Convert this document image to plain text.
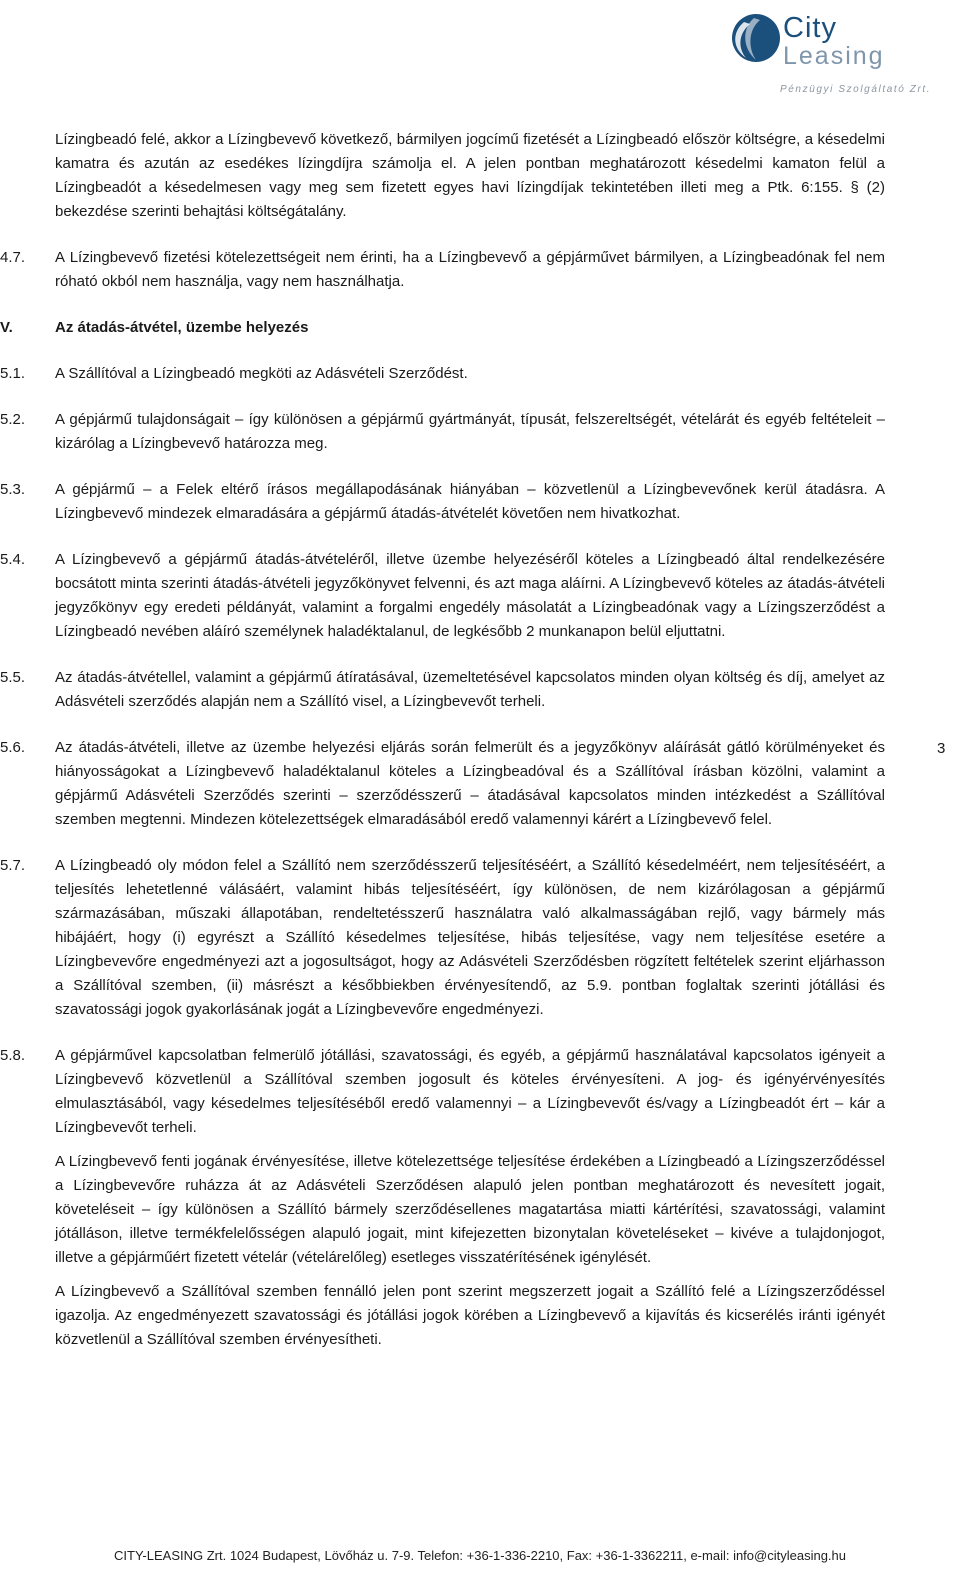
City
Leasing
Pénzügyi Szolgáltató Zrt.

Lízingbeadó felé, akkor a Lízingbevevő következő, bármilyen jogcímű fizetését a Lízingbeadó először költségre, a késedelmi kamatra és azután az esedékes lízingdíjra számolja el. A jelen pontban meghatározott késedelmi kamaton felül a Lízingbeadót a késedelmesen vagy meg sem fizetett egyes havi lízingdíjak tekintetében illeti meg a Ptk. 6:155. § (2) bekezdése szerinti behajtási költségátalány.

4.7. A Lízingbevevő fizetési kötelezettségeit nem érinti, ha a Lízingbevevő a gépjárművet bármilyen, a Lízingbeadónak fel nem róható okból nem használja, vagy nem használhatja.

V.	Az átadás-átvétel, üzembe helyezés
5.1. A Szállítóval a Lízingbeadó megköti az Adásvételi Szerződést.

5.2. A gépjármű tulajdonságait – így különösen a gépjármű gyártmányát, típusát, felszereltségét, vételárát és egyéb feltételeit – kizárólag a Lízingbevevő határozza meg.

5.3. A gépjármű – a Felek eltérő írásos megállapodásának hiányában – közvetlenül a Lízingbevevőnek kerül átadásra. A Lízingbevevő mindezek elmaradására a gépjármű átadás-átvételét követően nem hivatkozhat.

5.4. A Lízingbevevő a gépjármű átadás-átvételéről, illetve üzembe helyezéséről köteles a Lízingbeadó által rendelkezésére bocsátott minta szerinti átadás-átvételi jegyzőkönyvet felvenni, és azt maga aláírni. A Lízingbevevő köteles az átadás-átvételi jegyzőkönyv egy eredeti példányát, valamint a forgalmi engedély másolatát a Lízingbeadónak vagy a Lízingszerződést a Lízingbeadó nevében aláíró személynek haladéktalanul, de legkésőbb 2 munkanapon belül eljuttatni.

5.5. Az átadás-átvétellel, valamint a gépjármű átíratásával, üzemeltetésével kapcsolatos minden olyan költség és díj, amelyet az Adásvételi szerződés alapján nem a Szállító visel, a Lízingbevevőt terheli.

5.6. Az átadás-átvételi, illetve az üzembe helyezési eljárás során felmerült és a jegyzőkönyv aláírását gátló körülményeket és hiányosságokat a Lízingbevevő haladéktalanul köteles a Lízingbeadóval és a Szállítóval írásban közölni, valamint a gépjármű Adásvételi Szerződés szerinti – szerződésszerű – átadásával kapcsolatos minden intézkedést a Szállítóval szemben megtenni. Mindezen kötelezettségek elmaradásából eredő valamennyi kárért a Lízingbevevő felel.

5.7. A Lízingbeadó oly módon felel a Szállító nem szerződésszerű teljesítéséért, a Szállító késedelméért, nem teljesítéséért, a teljesítés lehetetlenné válásáért, valamint hibás teljesítéséért, így különösen, de nem kizárólagosan a gépjármű származásában, műszaki állapotában, rendeltetésszerű használatra való alkalmasságában rejlő, vagy bármely más hibájáért, hogy (i) egyrészt a Szállító késedelmes teljesítése, hibás teljesítése, vagy nem teljesítése esetére a Lízingbevevőre engedményezi azt a jogosultságot, hogy az Adásvételi Szerződésben rögzített feltételek szerint eljárhasson a Szállítóval szemben, (ii) másrészt a későbbiekben érvényesítendő, az 5.9. pontban foglaltak szerinti jótállási és szavatossági jogok gyakorlásának jogát a Lízingbevevőre engedményezi.

5.8. A gépjárművel kapcsolatban felmerülő jótállási, szavatossági, és egyéb, a gépjármű használatával kapcsolatos igényeit a Lízingbevevő közvetlenül a Szállítóval szemben jogosult és köteles érvényesíteni. A jog- és igényérvényesítés elmulasztásából, vagy késedelmes teljesítéséből eredő valamennyi – a Lízingbevevőt és/vagy a Lízingbeadót ért – kár a Lízingbevevőt terheli.

A Lízingbevevő fenti jogának érvényesítése, illetve kötelezettsége teljesítése érdekében a Lízingbeadó a Lízingszerződéssel a Lízingbevevőre ruházza át az Adásvételi Szerződésen alapuló jelen pontban meghatározott és nevesített jogait, követeléseit – így különösen a Szállító bármely szerződésellenes magatartása miatti kártérítési, szavatossági, valamint jótálláson, illetve termékfelelősségen alapuló jogait, mint kifejezetten bizonytalan követeléseket – kivéve a tulajdonjogot, illetve a gépjárműért fizetett vételár (vételárelőleg) esetleges visszatérítésének igénylését.

A Lízingbevevő a Szállítóval szemben fennálló jelen pont szerint megszerzett jogait a Szállító felé a Lízingszerződéssel igazolja. Az engedményezett szavatossági és jótállási jogok körében a Lízingbevevő a kijavítás és kicserélés iránti igényét közvetlenül a Szállítóval szemben érvényesítheti.

3
CITY-LEASING Zrt. 1024 Budapest, Lövőház u. 7-9. Telefon: +36-1-336-2210, Fax: +36-1-3362211, e-mail: info@cityleasing.hu
